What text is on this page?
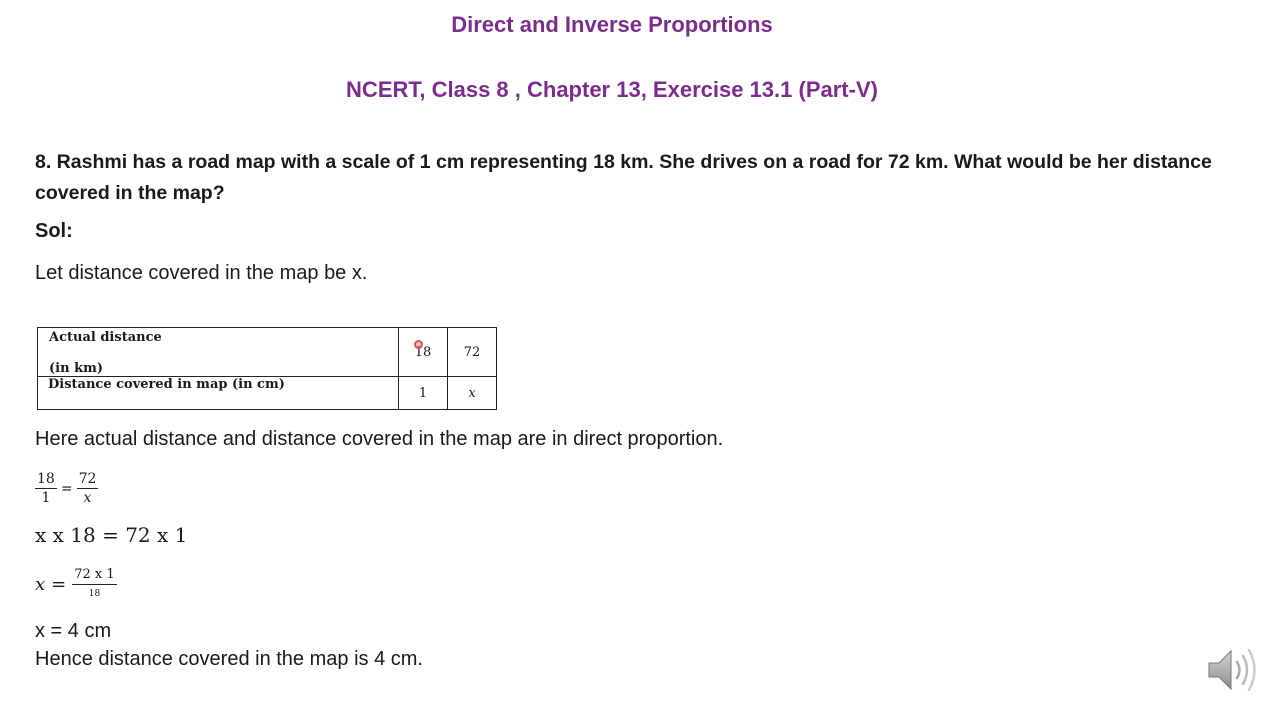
Direct and Inverse Proportions
NCERT, Class 8 , Chapter 13, Exercise 13.1 (Part-V)
8. Rashmi has a road map with a scale of 1 cm representing 18 km. She drives on a road for 72 km. What would be her distance covered in the map?
Sol:
Let distance covered in the map be x.
Actual distance
(in km)	18	72
Distance covered in map (in cm)	1	x
Here actual distance and distance covered in the map are in direct proportion.
$\frac{18}{1} = \frac{72}{x}$
x x 18 = 72 x 1
$x = \frac{72 x 1}{18}$
x = 4 cm
Hence distance covered in the map is 4 cm.
